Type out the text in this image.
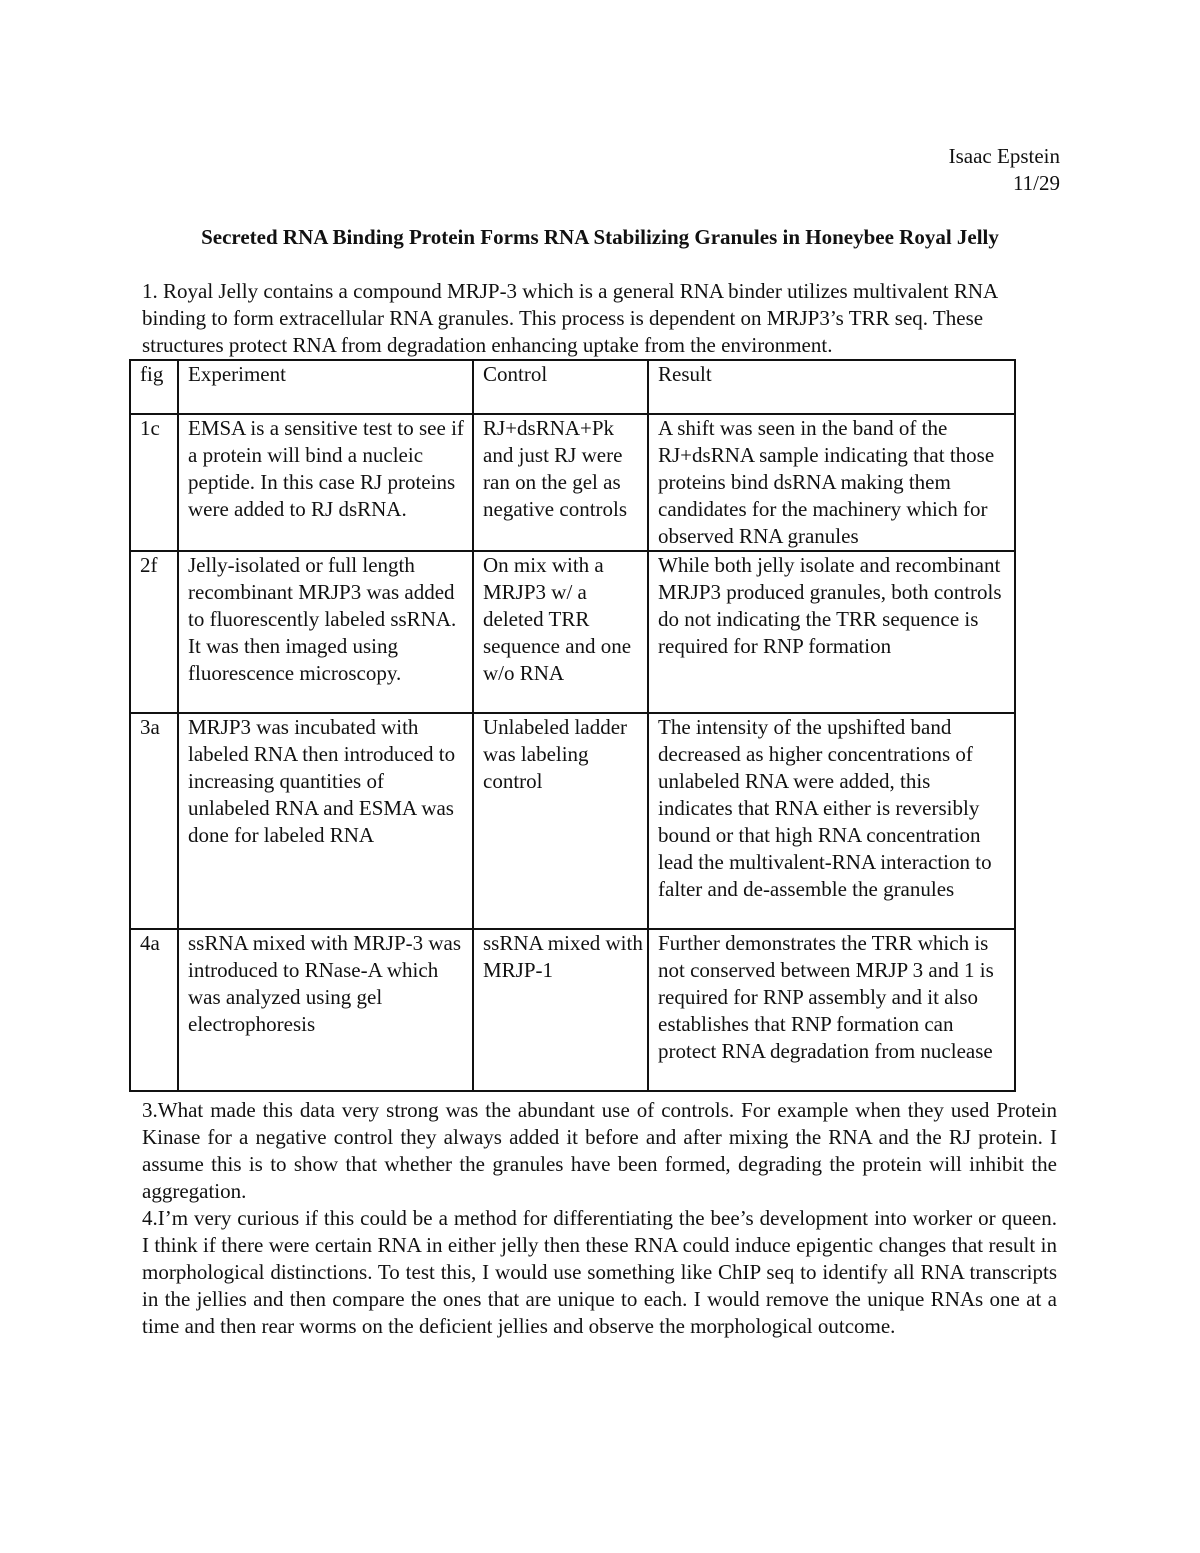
Isaac Epstein
11/29
Secreted RNA Binding Protein Forms RNA Stabilizing Granules in Honeybee Royal Jelly
1. Royal Jelly contains a compound MRJP-3 which is a general RNA binder utilizes multivalent RNA binding to form extracellular RNA granules. This process is dependent on MRJP3’s TRR seq. These structures protect RNA from degradation enhancing uptake from the environment.
fig	Experiment	Control	Result
1c	EMSA is a sensitive test to see if a protein will bind a nucleic peptide. In this case RJ proteins were added to RJ dsRNA.	RJ+dsRNA+Pk and just RJ were ran on the gel as negative controls	A shift was seen in the band of the RJ+dsRNA sample indicating that those proteins bind dsRNA making them candidates for the machinery which for observed RNA granules
2f	Jelly-isolated or full length recombinant MRJP3 was added to fluorescently labeled ssRNA. It was then imaged using fluorescence microscopy.	On mix with a MRJP3 w/ a deleted TRR sequence and one w/o RNA	While both jelly isolate and recombinant MRJP3 produced granules, both controls do not indicating the TRR sequence is required for RNP formation
3a	MRJP3 was incubated with labeled RNA then introduced to increasing quantities of unlabeled RNA and ESMA was done for labeled RNA	Unlabeled ladder was labeling control	The intensity of the upshifted band decreased as higher concentrations of unlabeled RNA were added, this indicates that RNA either is reversibly bound or that high RNA concentration lead the multivalent-RNA interaction to falter and de-assemble the granules
4a	ssRNA mixed with MRJP-3 was introduced to RNase-A which was analyzed using gel electrophoresis	ssRNA mixed with MRJP-1	Further demonstrates the TRR which is not conserved between MRJP 3 and 1 is required for RNP assembly and it also establishes that RNP formation can protect RNA degradation from nuclease
3.What made this data very strong was the abundant use of controls. For example when they used Protein Kinase for a negative control they always added it before and after mixing the RNA and the RJ protein. I assume this is to show that whether the granules have been formed, degrading the protein will inhibit the aggregation.
4.I’m very curious if this could be a method for differentiating the bee’s development into worker or queen. I think if there were certain RNA in either jelly then these RNA could induce epigentic changes that result in morphological distinctions. To test this, I would use something like ChIP seq to identify all RNA transcripts in the jellies and then compare the ones that are unique to each. I would remove the unique RNAs one at a time and then rear worms on the deficient jellies and observe the morphological outcome.
